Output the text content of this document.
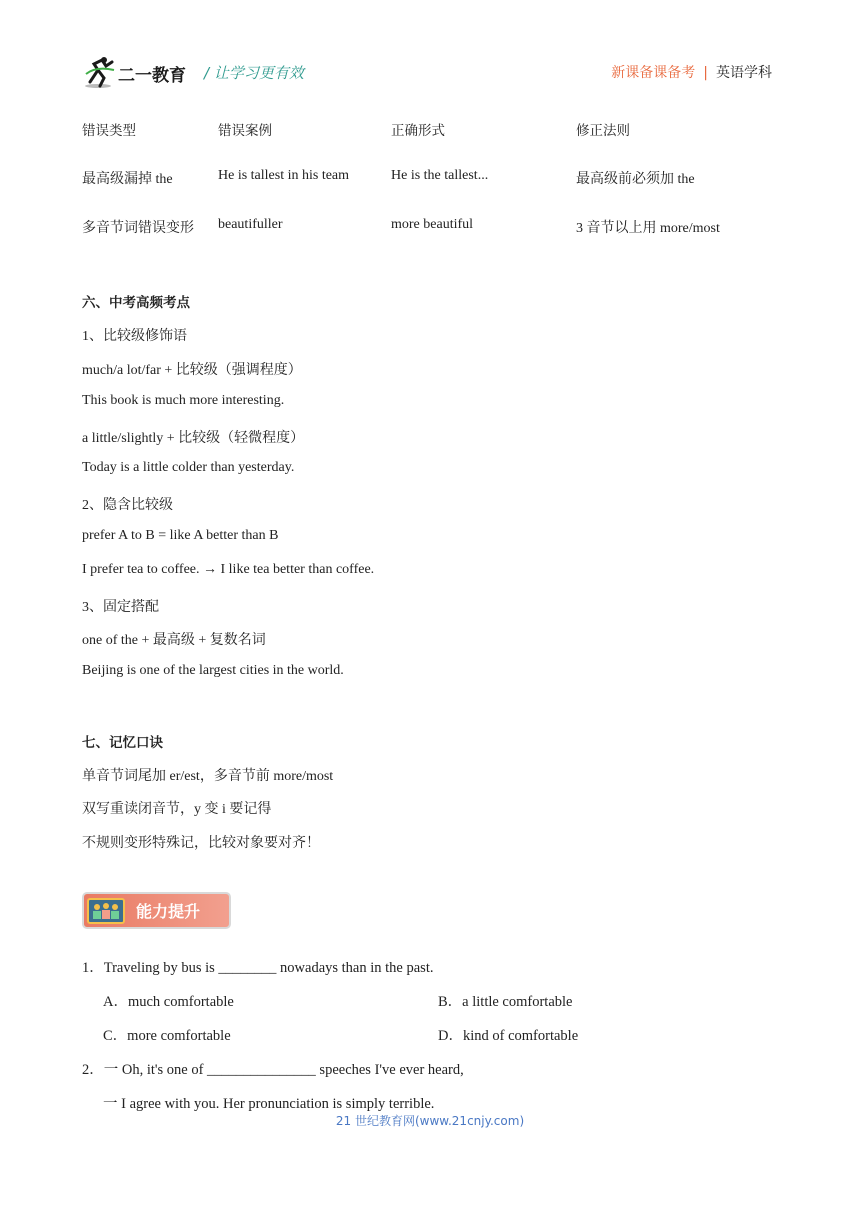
二一教育 / 让学习更有效	新课备课备考 | 英语学科
错误类型	错误案例	正确形式	修正法则
最高级漏掉 the	He is tallest in his team	He is the tallest...	最高级前必须加 the
多音节词错误变形 beautifuller	more beautiful	3 音节以上用 more/most
六、中考高频考点
1、比较级修饰语
much/a lot/far + 比较级（强调程度）
This book is much more interesting.
a little/slightly + 比较级（轻微程度）
Today is a little colder than yesterday.
2、隐含比较级
prefer A to B = like A better than B
I prefer tea to coffee. → I like tea better than coffee.
3、固定搭配
one of the + 最高级 + 复数名词
Beijing is one of the largest cities in the world.
七、记忆口诀
单音节词尾加 er/est，多音节前 more/most
双写重读闭音节，y 变 i 要记得
不规则变形特殊记，比较对象要对齐！
能力提升
1．Traveling by bus is ________ nowadays than in the past.
A．much comfortable	B．a little comfortable
C．more comfortable	D．kind of comfortable
2．一 Oh, it's one of _______________ speeches I've ever heard,
一 I agree with you. Her pronunciation is simply terrible.
21 世纪教育网(www.21cnjy.com)
